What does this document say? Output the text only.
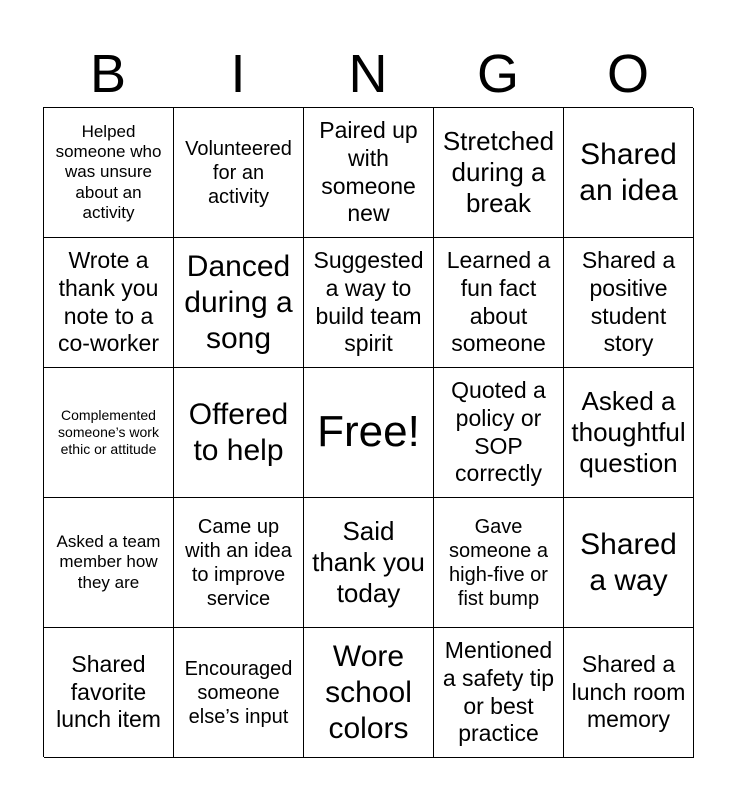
B	I	N	G	O
Helped someone who was unsure about an activity
Volunteered for an activity
Paired up with someone new
Stretched during a break
Shared an idea
Wrote a thank you note to a co-worker
Danced during a song
Suggested a way to build team spirit
Learned a fun fact about someone
Shared a positive student story
Complemented someone’s work ethic or attitude
Offered to help Free!
Quoted a policy or SOP correctly
Asked a thoughtful question
Asked a team member how they are
Came up with an idea to improve service
Said thank you today
Gave someone a high-five or fist bump
Shared a way
Shared favorite lunch item
Encouraged someone else’s input
Wore school colors
Mentioned a safety tip or best practice
Shared a lunch room memory
